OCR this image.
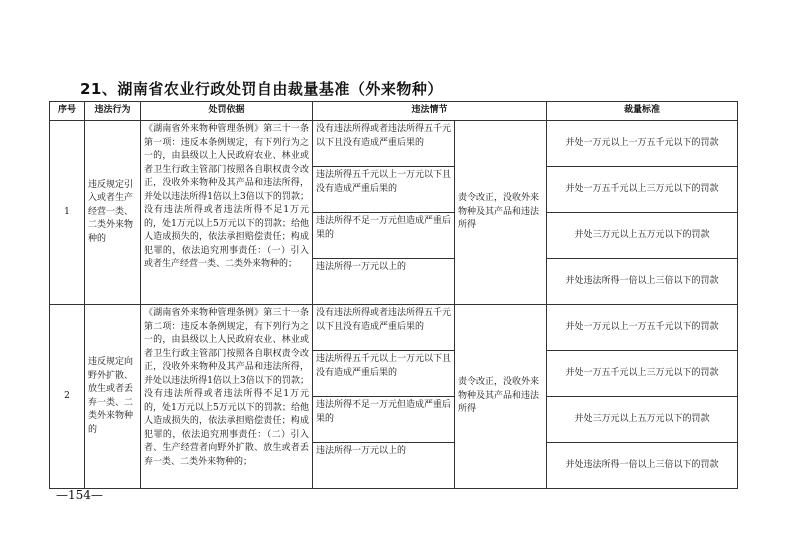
21、湖南省农业行政处罚自由裁量基准（外来物种）
序号	违法行为	处罚依据	违法情节		裁量标准
1	违反规定引入或者生产经营一类、二类外来物种的	《湖南省外来物种管理条例》第三十一条第一项：违反本条例规定，有下列行为之一的，由县级以上人民政府农业、林业或者卫生行政主管部门按照各自职权责令改正，没收外来物种及其产品和违法所得，并处以违法所得1倍以上3倍以下的罚款；没有违法所得或者违法所得不足1万元的，处1万元以上5万元以下的罚款；给他人造成损失的，依法承担赔偿责任；构成犯罪的，依法追究刑事责任：（一）引入或者生产经营一类、二类外来物种的；	没有违法所得或者违法所得五千元以下且没有造成严重后果的	责令改正，没收外来物种及其产品和违法所得	并处一万元以上一万五千元以下的罚款
			违法所得五千元以上一万元以下且没有造成严重后果的		并处一万五千元以上三万元以下的罚款
			违法所得不足一万元但造成严重后果的		并处三万元以上五万元以下的罚款
			违法所得一万元以上的		并处违法所得一倍以上三倍以下的罚款
2	违反规定向野外扩散、放生或者丢弃一类、二类外来物种的	《湖南省外来物种管理条例》第三十一条第二项：违反本条例规定，有下列行为之一的，由县级以上人民政府农业、林业或者卫生行政主管部门按照各自职权责令改正，没收外来物种及其产品和违法所得，并处以违法所得1倍以上3倍以下的罚款；没有违法所得或者违法所得不足1万元的，处1万元以上5万元以下的罚款；给他人造成损失的，依法承担赔偿责任；构成犯罪的，依法追究刑事责任：（二）引入者、生产经营者向野外扩散、放生或者丢弃一类、二类外来物种的；	没有违法所得或者违法所得五千元以下且没有造成严重后果的	责令改正，没收外来物种及其产品和违法所得	并处一万元以上一万五千元以下的罚款
			违法所得五千元以上一万元以下且没有造成严重后果的		并处一万五千元以上三万元以下的罚款
			违法所得不足一万元但造成严重后果的		并处三万元以上五万元以下的罚款
			违法所得一万元以上的		并处违法所得一倍以上三倍以下的罚款
—154—
